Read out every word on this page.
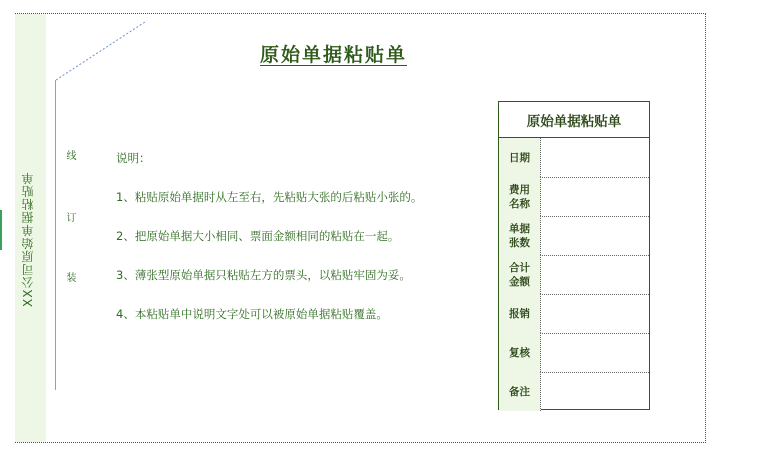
XX公司原始单据粘贴单
线
订
装
原始单据粘贴单
说明：
1、粘贴原始单据时从左至右，先粘贴大张的后粘贴小张的。
2、把原始单据大小相同、票面金额相同的粘贴在一起。
3、薄张型原始单据只粘贴左方的票头，以粘贴牢固为妥。
4、本粘贴单中说明文字处可以被原始单据粘贴覆盖。
原始单据粘贴单
日期
费用
名称
单据
张数
合计
金额
报销
复核
备注
